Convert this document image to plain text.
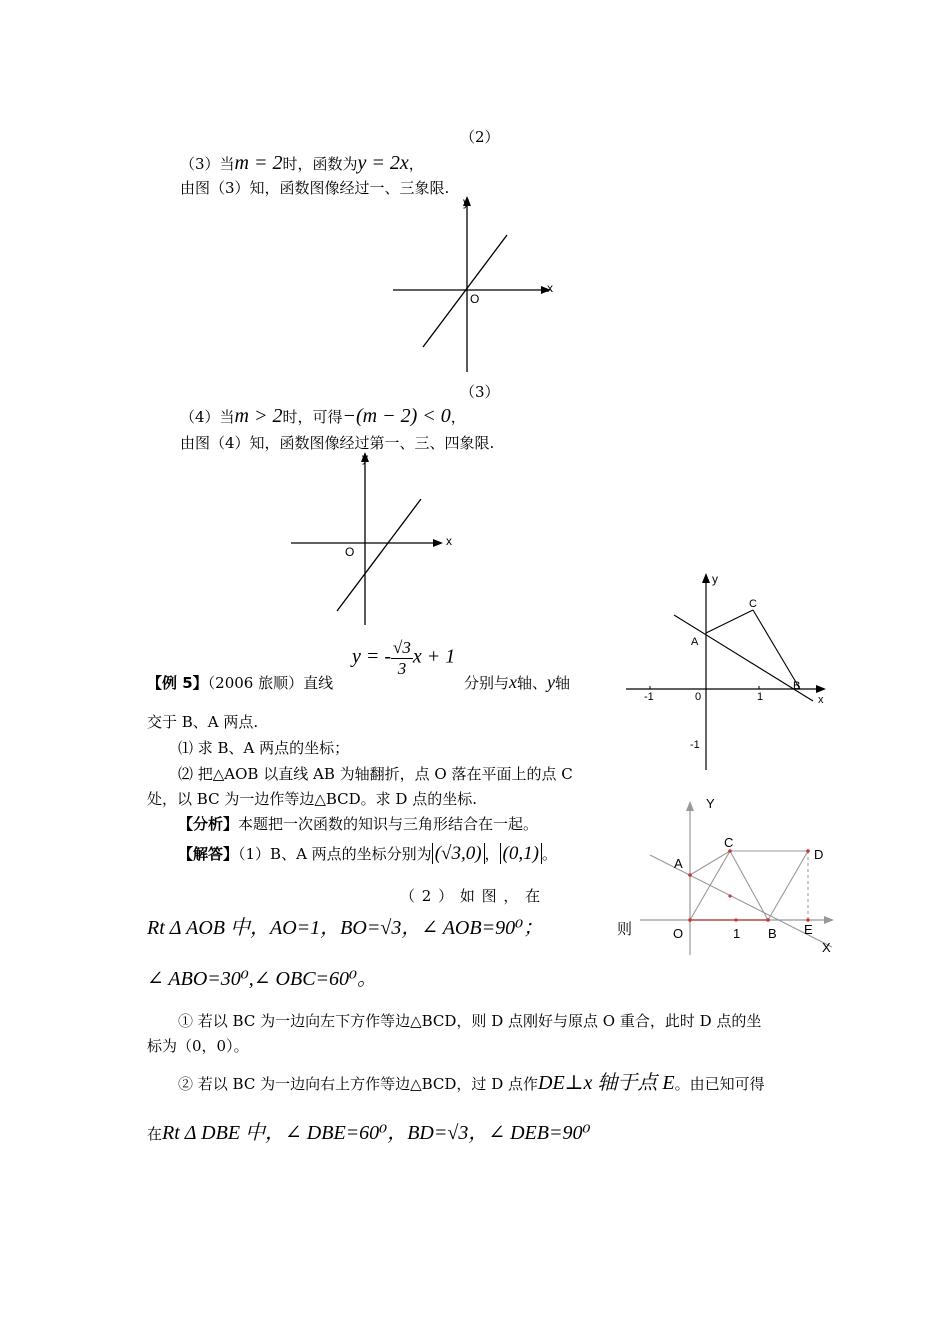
（2）
（3）当m = 2时，函数为y = 2x，
由图（3）知，函数图像经过一、三象限.
y
x
O
（3）
（4）当m > 2时，可得−(m − 2) < 0，
由图（4）知，函数图像经过第一、三、四象限.
y
x
O
y = - $\frac{√3}{3}$ x + 1
【例 5】（2006 旅顺）直线	分别与x轴、y轴
交于 B、A 两点.
⑴ 求 B、A 两点的坐标；
⑵ 把△AOB 以直线 AB 为轴翻折，点 O 落在平面上的点 C
处，以 BC 为一边作等边△BCD。求 D 点的坐标.
y
x
A
B
C
0
-1	1
-1
【分析】本题把一次函数的知识与三角形结合在一起。
【解答】（1）B、A 两点的坐标分别为 (√3,0) ， (0,1) 。
（ 2 ） 如 图 ， 在
Rt Δ AOB 中，AO=1，BO=√3，∠ AOB=90⁰；	则
∠ ABO=30⁰,∠ OBC=60⁰。
Y
X
A
C
D
E
B
O	1
① 若以 BC 为一边向左下方作等边△BCD，则 D 点刚好与原点 O 重合，此时 D 点的坐
标为（0，0）。
② 若以 BC 为一边向右上方作等边△BCD，过 D 点作DE⊥x 轴于点 E。由已知可得
在Rt Δ DBE 中，∠ DBE=60⁰，BD=√3，∠ DEB=90⁰
